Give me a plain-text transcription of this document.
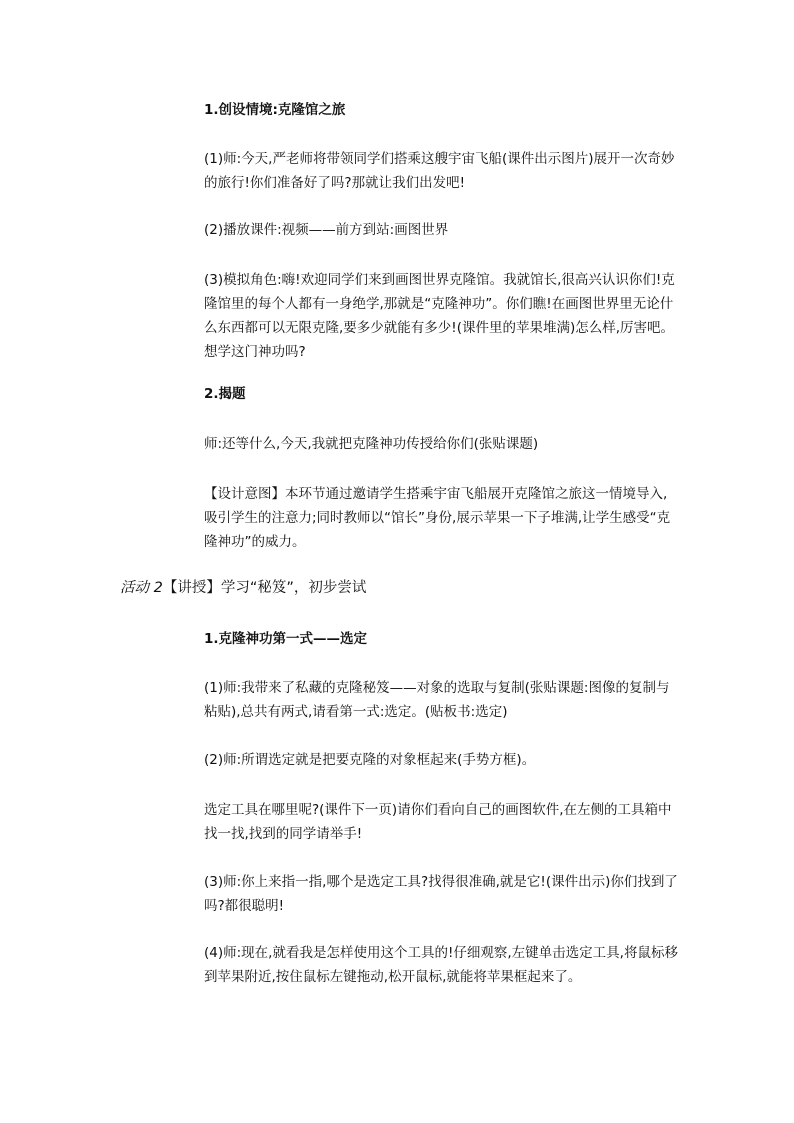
1.创设情境:克隆馆之旅

(1)师:今天,严老师将带领同学们搭乘这艘宇宙飞船(课件出示图片)展开一次奇妙的旅行!你们准备好了吗?那就让我们出发吧!

(2)播放课件:视频——前方到站:画图世界

(3)模拟角色:嗨!欢迎同学们来到画图世界克隆馆。我就馆长,很高兴认识你们!克隆馆里的每个人都有一身绝学,那就是“克隆神功”。你们瞧!在画图世界里无论什么东西都可以无限克隆,要多少就能有多少!(课件里的苹果堆满)怎么样,厉害吧。想学这门神功吗?

2.揭题

师:还等什么,今天,我就把克隆神功传授给你们(张贴课题)

【设计意图】本环节通过邀请学生搭乘宇宙飞船展开克隆馆之旅这一情境导入,吸引学生的注意力;同时教师以“馆长”身份,展示苹果一下子堆满,让学生感受“克隆神功”的威力。

活动 2【讲授】学习“秘笈”，初步尝试

1.克隆神功第一式——选定

(1)师:我带来了私藏的克隆秘笈——对象的选取与复制(张贴课题:图像的复制与粘贴),总共有两式,请看第一式:选定。(贴板书:选定)

(2)师:所谓选定就是把要克隆的对象框起来(手势方框)。

选定工具在哪里呢?(课件下一页)请你们看向自己的画图软件,在左侧的工具箱中找一找,找到的同学请举手!

(3)师:你上来指一指,哪个是选定工具?找得很准确,就是它!(课件出示)你们找到了吗?都很聪明!

(4)师:现在,就看我是怎样使用这个工具的!仔细观察,左键单击选定工具,将鼠标移到苹果附近,按住鼠标左键拖动,松开鼠标,就能将苹果框起来了。
